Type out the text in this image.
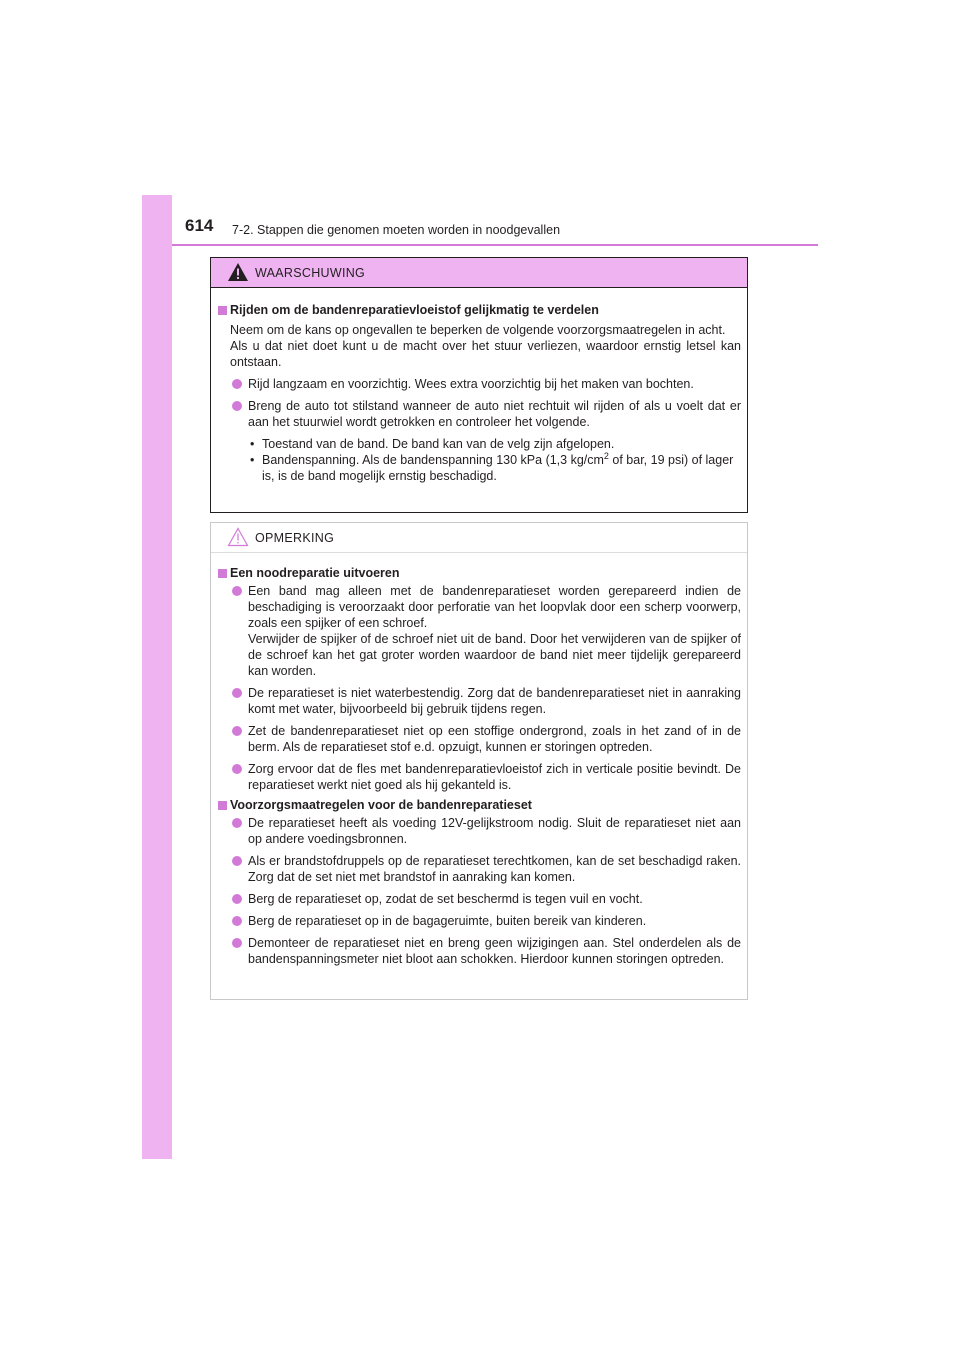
614 7-2. Stappen die genomen moeten worden in noodgevallen
WAARSCHUWING

Rijden om de bandenreparatievloeistof gelijkmatig te verdelen

Neem om de kans op ongevallen te beperken de volgende voorzorgsmaatregelen in acht.

Als u dat niet doet kunt u de macht over het stuur verliezen, waardoor ernstig letsel kan ontstaan.

Rijd langzaam en voorzichtig. Wees extra voorzichtig bij het maken van bochten.
Breng de auto tot stilstand wanneer de auto niet rechtuit wil rijden of als u voelt dat er aan het stuurwiel wordt getrokken en controleer het volgende.
• Toestand van de band. De band kan van de velg zijn afgelopen.
• Bandenspanning. Als de bandenspanning 130 kPa (1,3 $kg/cm^2$ of bar, 19 psi) of lager is, is de band mogelijk ernstig beschadigd.
OPMERKING

Een noodreparatie uitvoeren

Een band mag alleen met de bandenreparatieset worden gerepareerd indien de beschadiging is veroorzaakt door perforatie van het loopvlak door een scherp voorwerp, zoals een spijker of een schroef.

Verwijder de spijker of de schroef niet uit de band. Door het verwijderen van de spijker of de schroef kan het gat groter worden waardoor de band niet meer tijdelijk gerepareerd kan worden.

De reparatieset is niet waterbestendig. Zorg dat de bandenreparatieset niet in aanraking komt met water, bijvoorbeeld bij gebruik tijdens regen.
Zet de bandenreparatieset niet op een stoffige ondergrond, zoals in het zand of in de berm. Als de reparatieset stof e.d. opzuigt, kunnen er storingen optreden.
Zorg ervoor dat de fles met bandenreparatievloeistof zich in verticale positie bevindt. De reparatieset werkt niet goed als hij gekanteld is.

Voorzorgsmaatregelen voor de bandenreparatieset

De reparatieset heeft als voeding 12V-gelijkstroom nodig. Sluit de reparatieset niet aan op andere voedingsbronnen.
Als er brandstofdruppels op de reparatieset terechtkomen, kan de set beschadigd raken. Zorg dat de set niet met brandstof in aanraking kan komen.
Berg de reparatieset op, zodat de set beschermd is tegen vuil en vocht.
Berg de reparatieset op in de bagageruimte, buiten bereik van kinderen.
Demonteer de reparatieset niet en breng geen wijzigingen aan. Stel onderdelen als de bandenspanningsmeter niet bloot aan schokken. Hierdoor kunnen storingen optreden.
